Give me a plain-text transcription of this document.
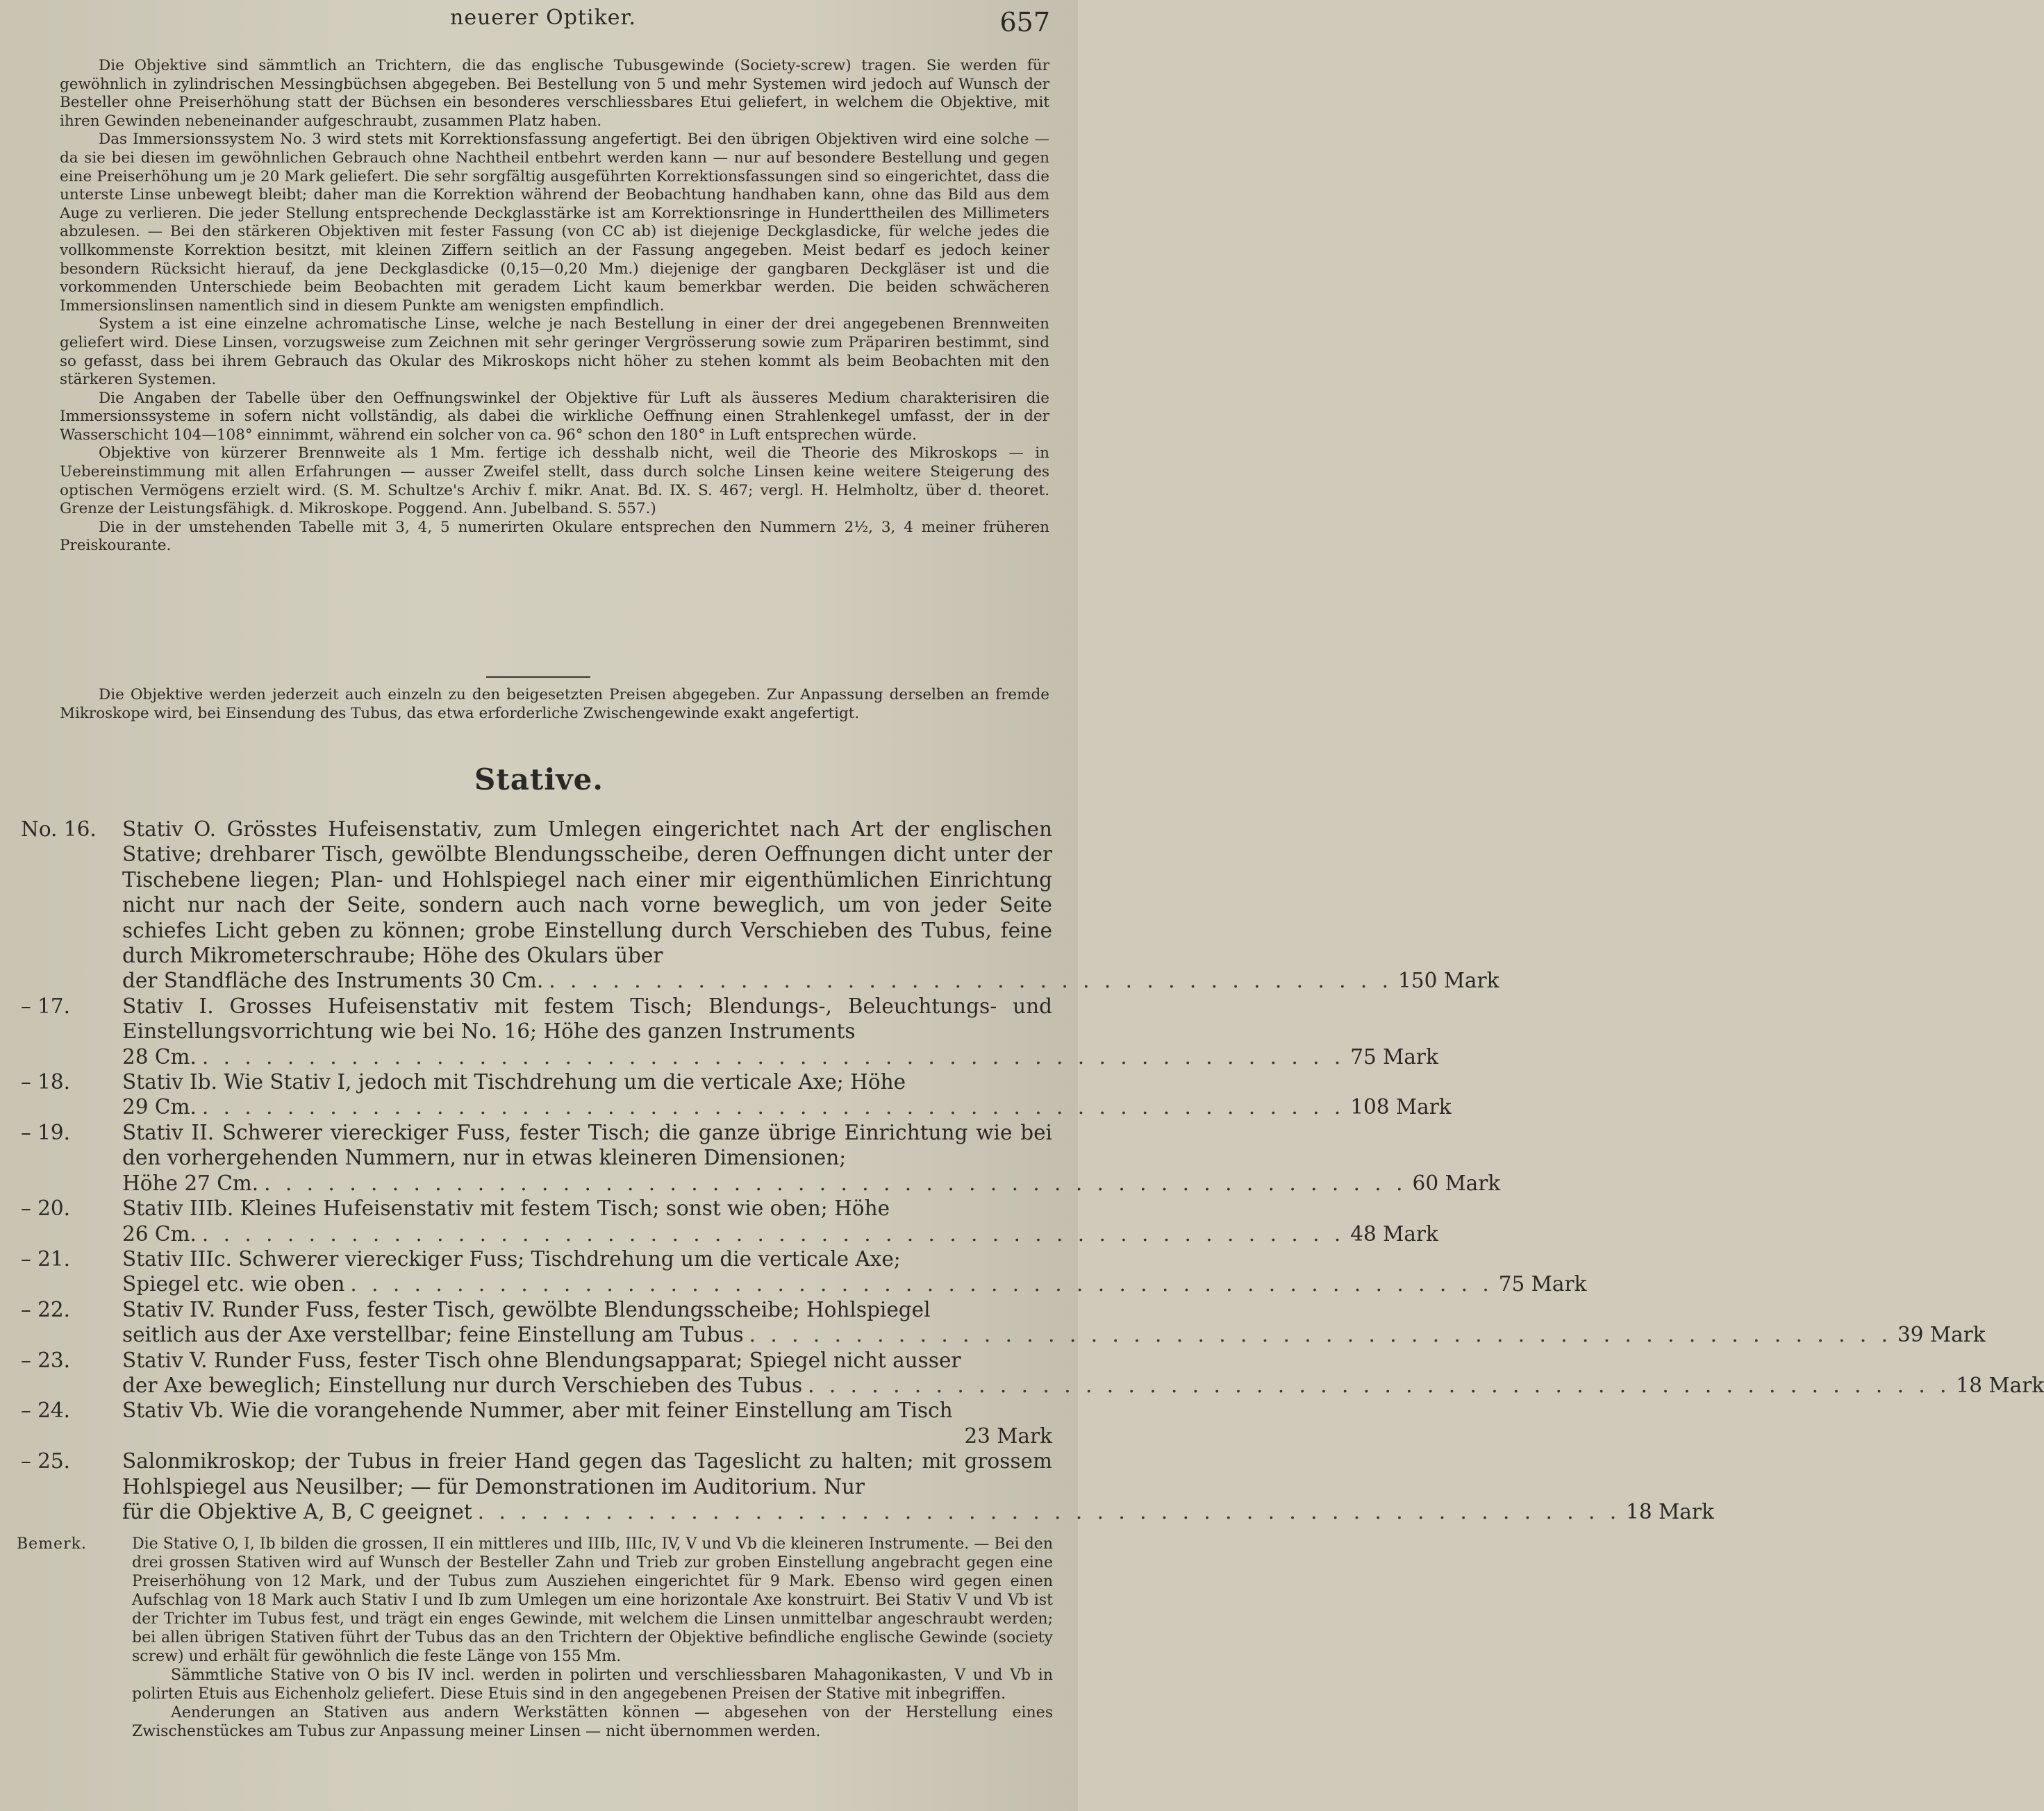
neuerer Optiker.	657

Die Objektive sind sämmtlich an Trichtern, die das englische Tubusgewinde (Society-screw) tragen. Sie werden für gewöhnlich in zylindrischen Messingbüchsen abgegeben. Bei Bestellung von 5 und mehr Systemen wird jedoch auf Wunsch der Besteller ohne Preiserhöhung statt der Büchsen ein besonderes verschliessbares Etui geliefert, in welchem die Objektive, mit ihren Gewinden nebeneinander aufgeschraubt, zusammen Platz haben.

Das Immersionssystem No. 3 wird stets mit Korrektionsfassung angefertigt. Bei den übrigen Objektiven wird eine solche — da sie bei diesen im gewöhnlichen Gebrauch ohne Nachtheil entbehrt werden kann — nur auf besondere Bestellung und gegen eine Preiserhöhung um je 20 Mark geliefert. Die sehr sorgfältig ausgeführten Korrektionsfassungen sind so eingerichtet, dass die unterste Linse unbewegt bleibt; daher man die Korrektion während der Beobachtung handhaben kann, ohne das Bild aus dem Auge zu verlieren. Die jeder Stellung entsprechende Deckglasstärke ist am Korrektionsringe in Hunderttheilen des Millimeters abzulesen. — Bei den stärkeren Objektiven mit fester Fassung (von CC ab) ist diejenige Deckglasdicke, für welche jedes die vollkommenste Korrektion besitzt, mit kleinen Ziffern seitlich an der Fassung angegeben. Meist bedarf es jedoch keiner besondern Rücksicht hierauf, da jene Deckglasdicke (0,15—0,20 Mm.) diejenige der gangbaren Deckgläser ist und die vorkommenden Unterschiede beim Beobachten mit geradem Licht kaum bemerkbar werden. Die beiden schwächeren Immersionslinsen namentlich sind in diesem Punkte am wenigsten empfindlich.

System a ist eine einzelne achromatische Linse, welche je nach Bestellung in einer der drei angegebenen Brennweiten geliefert wird. Diese Linsen, vorzugsweise zum Zeichnen mit sehr geringer Vergrösserung sowie zum Präpariren bestimmt, sind so gefasst, dass bei ihrem Gebrauch das Okular des Mikroskops nicht höher zu stehen kommt als beim Beobachten mit den stärkeren Systemen.

Die Angaben der Tabelle über den Oeffnungswinkel der Objektive für Luft als äusseres Medium charakterisiren die Immersionssysteme in sofern nicht vollständig, als dabei die wirkliche Oeffnung einen Strahlenkegel umfasst, der in der Wasserschicht 104—108° einnimmt, während ein solcher von ca. 96° schon den 180° in Luft entsprechen würde.

Objektive von kürzerer Brennweite als 1 Mm. fertige ich desshalb nicht, weil die Theorie des Mikroskops — in Uebereinstimmung mit allen Erfahrungen — ausser Zweifel stellt, dass durch solche Linsen keine weitere Steigerung des optischen Vermögens erzielt wird. (S. M. Schultze's Archiv f. mikr. Anat. Bd. IX. S. 467; vergl. H. Helmholtz, über d. theoret. Grenze der Leistungsfähigk. d. Mikroskope. Poggend. Ann. Jubelband. S. 557.)

Die in der umstehenden Tabelle mit 3, 4, 5 numerirten Okulare entsprechen den Nummern 2½, 3, 4 meiner früheren Preiskourante.

Die Objektive werden jederzeit auch einzeln zu den beigesetzten Preisen abgegeben. Zur Anpassung derselben an fremde Mikroskope wird, bei Einsendung des Tubus, das etwa erforderliche Zwischengewinde exakt angefertigt.

Stative.
No. 16.	Stativ O. Grösstes Hufeisenstativ, zum Umlegen eingerichtet nach Art der englischen Stative; drehbarer Tisch, gewölbte Blendungsscheibe, deren Oeffnungen dicht unter der Tischebene liegen; Plan- und Hohlspiegel nach einer mir eigenthümlichen Einrichtung nicht nur nach der Seite, sondern auch nach vorne beweglich, um von jeder Seite schiefes Licht geben zu können; grobe Einstellung durch Verschieben des Tubus, feine durch Mikrometerschraube; Höhe des Okulars über
der Standfläche des Instruments 30 Cm. . . . . . . . . . . . . . . . . . . . . . . . . . . . . . . . . . . . . . . . . 150 Mark
– 17.	Stativ I. Grosses Hufeisenstativ mit festem Tisch; Blendungs-, Beleuchtungs- und Einstellungsvorrichtung wie bei No. 16; Höhe des ganzen Instruments
28 Cm. . . . . . . . . . . . . . . . . . . . . . . . . . . . . . . . . . . . . . . . . . . . . . . . . . . . . . . 75 Mark
– 18.	Stativ Ib. Wie Stativ I, jedoch mit Tischdrehung um die verticale Axe; Höhe
29 Cm. . . . . . . . . . . . . . . . . . . . . . . . . . . . . . . . . . . . . . . . . . . . . . . . . . . . . . . 108 Mark
– 19.	Stativ II. Schwerer viereckiger Fuss, fester Tisch; die ganze übrige Einrichtung wie bei den vorhergehenden Nummern, nur in etwas kleineren Dimensionen;
Höhe 27 Cm. . . . . . . . . . . . . . . . . . . . . . . . . . . . . . . . . . . . . . . . . . . . . . . . . . . . . . . 60 Mark
– 20.	Stativ IIIb. Kleines Hufeisenstativ mit festem Tisch; sonst wie oben; Höhe
26 Cm. . . . . . . . . . . . . . . . . . . . . . . . . . . . . . . . . . . . . . . . . . . . . . . . . . . . . . . 48 Mark
– 21.	Stativ IIIc. Schwerer viereckiger Fuss; Tischdrehung um die verticale Axe;
Spiegel etc. wie oben . . . . . . . . . . . . . . . . . . . . . . . . . . . . . . . . . . . . . . . . . . . . . . . . . . . . . . 75 Mark
– 22.	Stativ IV. Runder Fuss, fester Tisch, gewölbte Blendungsscheibe; Hohlspiegel
seitlich aus der Axe verstellbar; feine Einstellung am Tubus . . . . . . . . . . . . . . . . . . . . . . . . . . . . . . . . . . . . . . . . . . . . . . . . . . . . . . 39 Mark
– 23.	Stativ V. Runder Fuss, fester Tisch ohne Blendungsapparat; Spiegel nicht ausser
der Axe beweglich; Einstellung nur durch Verschieben des Tubus . . . . . . . . . . . . . . . . . . . . . . . . . . . . . . . . . . . . . . . . . . . . . . . . . . . . . . 18 Mark
– 24.	Stativ Vb. Wie die vorangehende Nummer, aber mit feiner Einstellung am Tisch
23 Mark
– 25.	Salonmikroskop; der Tubus in freier Hand gegen das Tageslicht zu halten; mit grossem Hohlspiegel aus Neusilber; — für Demonstrationen im Auditorium. Nur
für die Objektive A, B, C geeignet . . . . . . . . . . . . . . . . . . . . . . . . . . . . . . . . . . . . . . . . . . . . . . . . . . . . . . 18 Mark
Bemerk.	Die Stative O, I, Ib bilden die grossen, II ein mittleres und IIIb, IIIc, IV, V und Vb die kleineren Instrumente. — Bei den drei grossen Stativen wird auf Wunsch der Besteller Zahn und Trieb zur groben Einstellung angebracht gegen eine Preiserhöhung von 12 Mark, und der Tubus zum Ausziehen eingerichtet für 9 Mark. Ebenso wird gegen einen Aufschlag von 18 Mark auch Stativ I und Ib zum Umlegen um eine horizontale Axe konstruirt. Bei Stativ V und Vb ist der Trichter im Tubus fest, und trägt ein enges Gewinde, mit welchem die Linsen unmittelbar angeschraubt werden; bei allen übrigen Stativen führt der Tubus das an den Trichtern der Objektive befindliche englische Gewinde (society screw) und erhält für gewöhnlich die feste Länge von 155 Mm.

Sämmtliche Stative von O bis IV incl. werden in polirten und verschliessbaren Mahagonikasten, V und Vb in polirten Etuis aus Eichenholz geliefert. Diese Etuis sind in den angegebenen Preisen der Stative mit inbegriffen.

Aenderungen an Stativen aus andern Werkstätten können — abgesehen von der Herstellung eines Zwischenstückes am Tubus zur Anpassung meiner Linsen — nicht übernommen werden.
